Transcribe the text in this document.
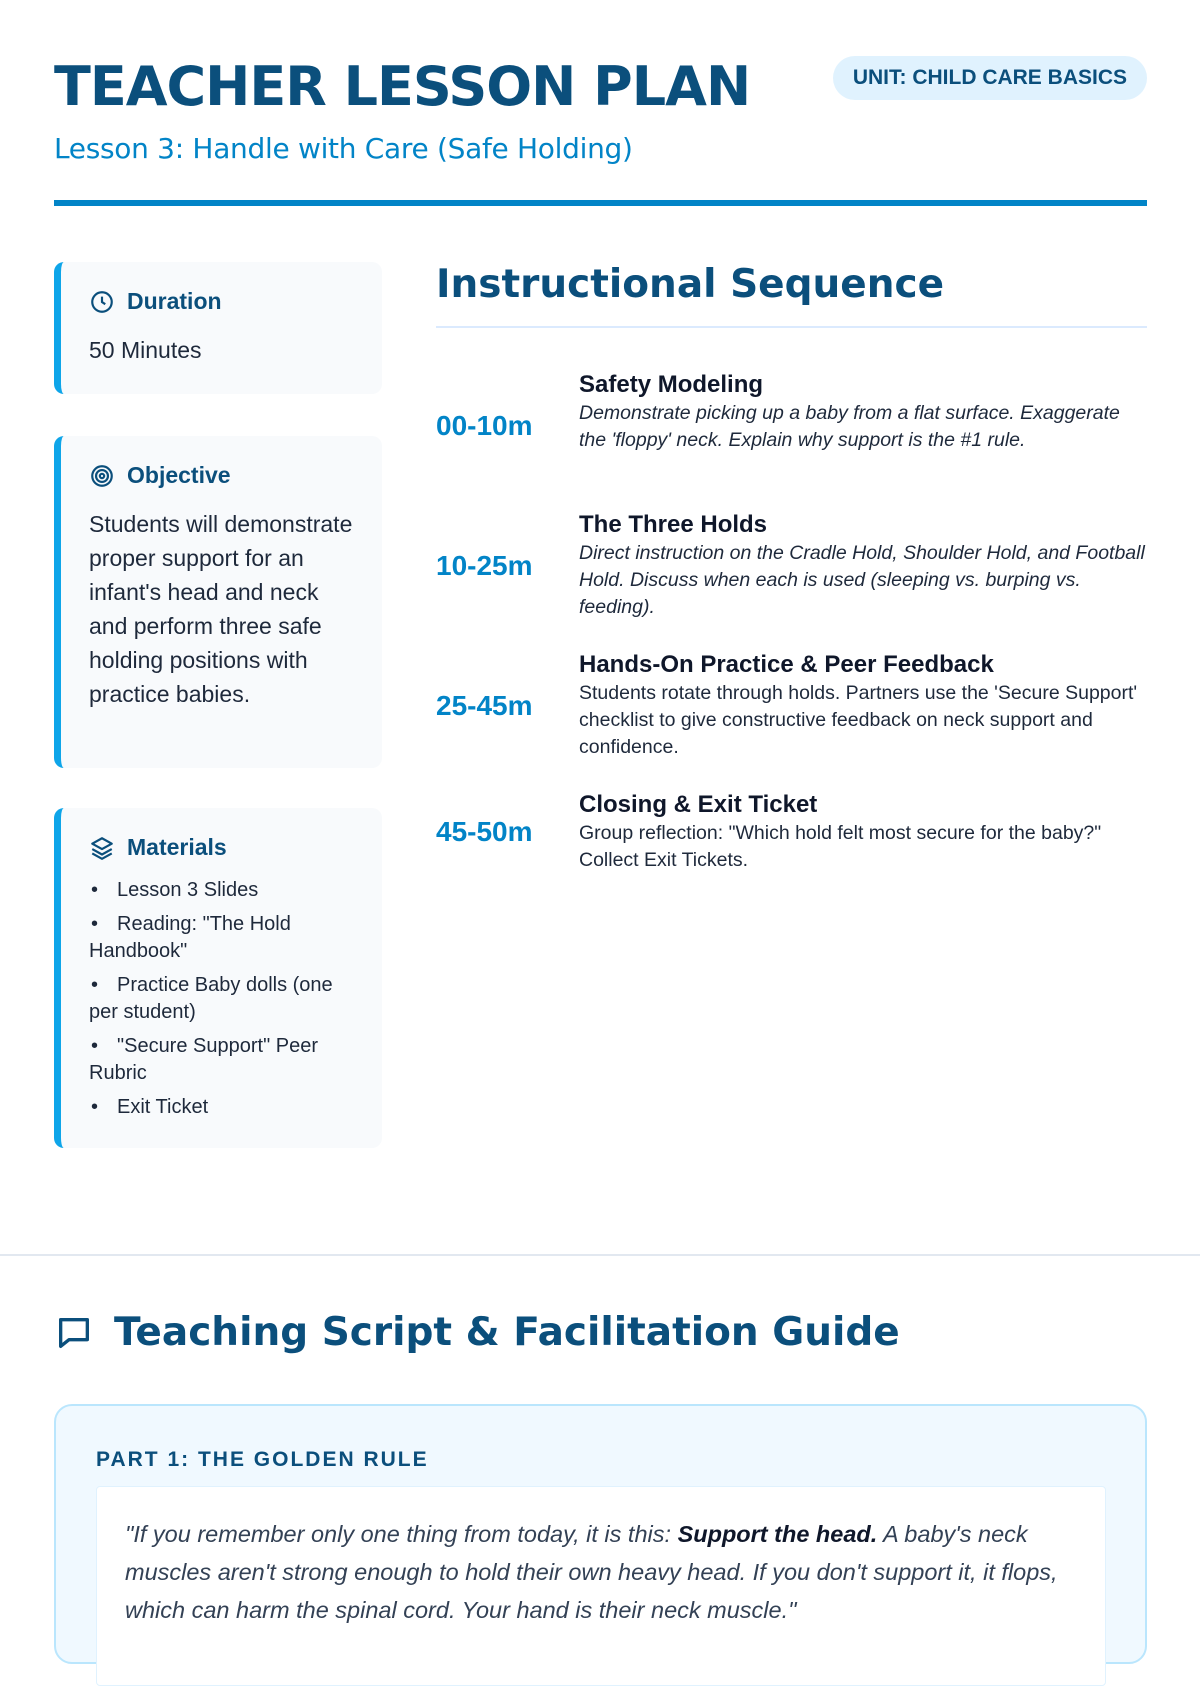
TEACHER LESSON PLAN	UNIT: CHILD CARE BASICS
Lesson 3: Handle with Care (Safe Holding)
Duration
50 Minutes
Objective
Students will demonstrate proper support for an infant's head and neck and perform three safe holding positions with practice babies.
Materials
• Lesson 3 Slides
• Reading: "The Hold Handbook"
• Practice Baby dolls (one per student)
• "Secure Support" Peer Rubric
• Exit Ticket
Instructional Sequence
00-10m
Safety Modeling
Demonstrate picking up a baby from a flat surface. Exaggerate the 'floppy' neck. Explain why support is the #1 rule.
10-25m
The Three Holds
Direct instruction on the Cradle Hold, Shoulder Hold, and Football Hold. Discuss when each is used (sleeping vs. burping vs. feeding).
25-45m
Hands-On Practice & Peer Feedback
Students rotate through holds. Partners use the 'Secure Support' checklist to give constructive feedback on neck support and confidence.
45-50m
Closing & Exit Ticket
Group reflection: "Which hold felt most secure for the baby?" Collect Exit Tickets.
Teaching Script & Facilitation Guide
PART 1: THE GOLDEN RULE
"If you remember only one thing from today, it is this: Support the head. A baby's neck muscles aren't strong enough to hold their own heavy head. If you don't support it, it flops, which can harm the spinal cord. Your hand is their neck muscle."
